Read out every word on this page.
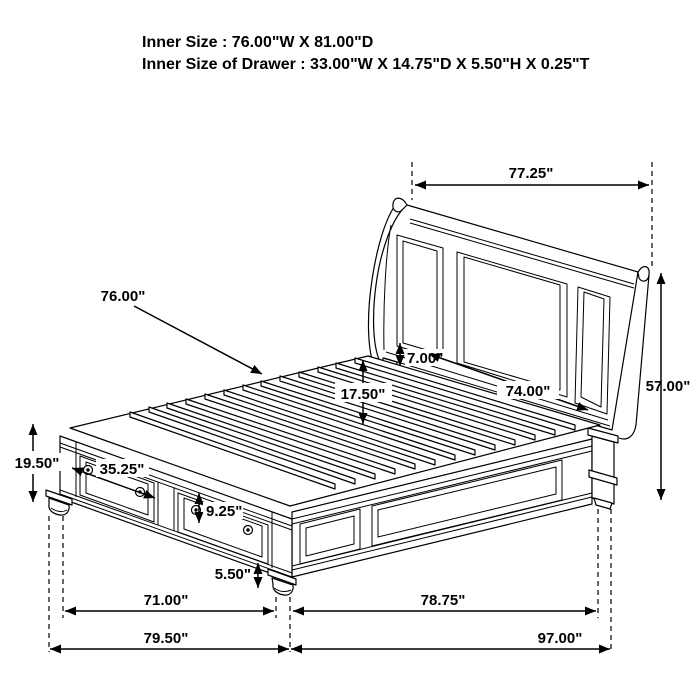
Inner Size : 76.00"W X 81.00"D
Inner Size of Drawer : 33.00"W X 14.75"D X 5.50"H X 0.25"T
77.25"
57.00"
76.00"
7.00"
17.50"	74.00"
19.50"	35.25"
9.25"
5.50"
71.00"	78.75"
79.50"	97.00"
